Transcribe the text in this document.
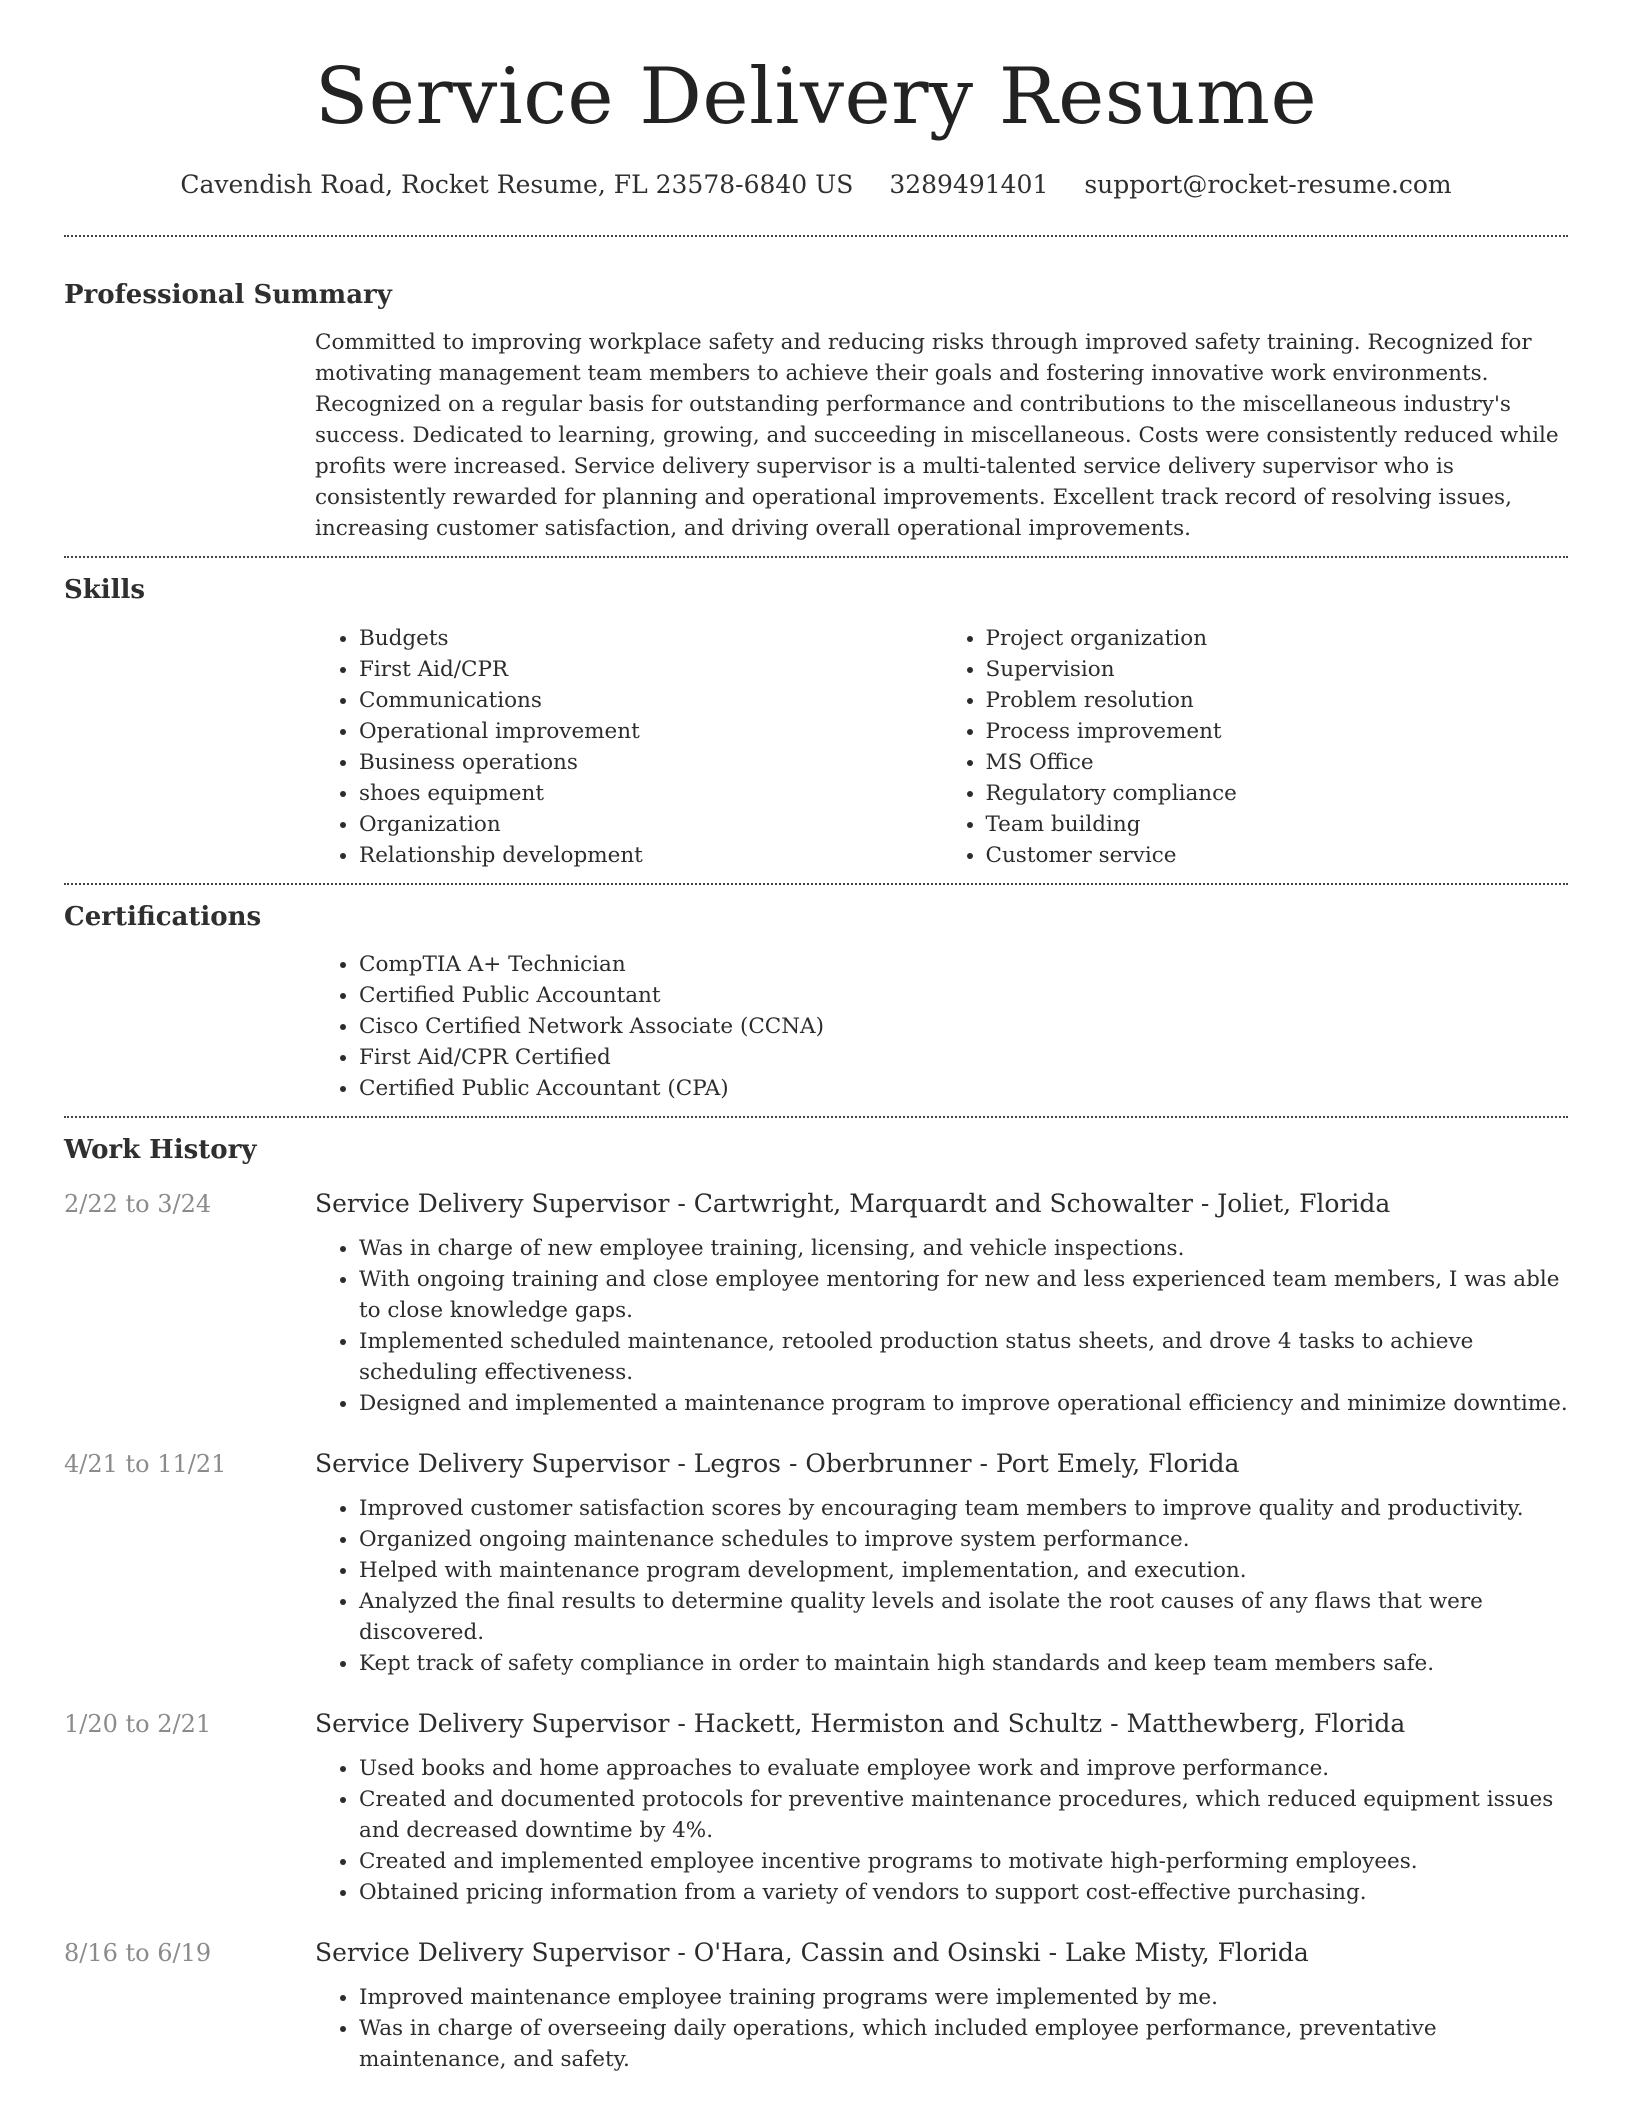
Service Delivery Resume
Cavendish Road, Rocket Resume, FL 23578-6840 US 3289491401 support@rocket-resume.com
Professional Summary

Committed to improving workplace safety and reducing risks through improved safety training. Recognized for motivating management team members to achieve their goals and fostering innovative work environments. Recognized on a regular basis for outstanding performance and contributions to the miscellaneous industry's success. Dedicated to learning, growing, and succeeding in miscellaneous. Costs were consistently reduced while profits were increased. Service delivery supervisor is a multi-talented service delivery supervisor who is consistently rewarded for planning and operational improvements. Excellent track record of resolving issues, increasing customer satisfaction, and driving overall operational improvements.

Skills
• Budgets
• First Aid/CPR
• Communications
• Operational improvement
• Business operations
• shoes equipment
• Organization
• Relationship development
• Project organization
• Supervision
• Problem resolution
• Process improvement
• MS Office
• Regulatory compliance
• Team building
• Customer service
Certifications
• CompTIA A+ Technician
• Certified Public Accountant
• Cisco Certified Network Associate (CCNA)
• First Aid/CPR Certified
• Certified Public Accountant (CPA)
Work History
2/22 to 3/24	Service Delivery Supervisor - Cartwright, Marquardt and Schowalter - Joliet, Florida
• Was in charge of new employee training, licensing, and vehicle inspections.
• With ongoing training and close employee mentoring for new and less experienced team members, I was able to close knowledge gaps.
• Implemented scheduled maintenance, retooled production status sheets, and drove 4 tasks to achieve scheduling effectiveness.
• Designed and implemented a maintenance program to improve operational efficiency and minimize downtime.
4/21 to 11/21	Service Delivery Supervisor - Legros - Oberbrunner - Port Emely, Florida
• Improved customer satisfaction scores by encouraging team members to improve quality and productivity.
• Organized ongoing maintenance schedules to improve system performance.
• Helped with maintenance program development, implementation, and execution.
• Analyzed the final results to determine quality levels and isolate the root causes of any flaws that were discovered.
• Kept track of safety compliance in order to maintain high standards and keep team members safe.
1/20 to 2/21	Service Delivery Supervisor - Hackett, Hermiston and Schultz - Matthewberg, Florida
• Used books and home approaches to evaluate employee work and improve performance.
• Created and documented protocols for preventive maintenance procedures, which reduced equipment issues and decreased downtime by 4%.
• Created and implemented employee incentive programs to motivate high-performing employees.
• Obtained pricing information from a variety of vendors to support cost-effective purchasing.
8/16 to 6/19	Service Delivery Supervisor - O'Hara, Cassin and Osinski - Lake Misty, Florida
• Improved maintenance employee training programs were implemented by me.
• Was in charge of overseeing daily operations, which included employee performance, preventative maintenance, and safety.
